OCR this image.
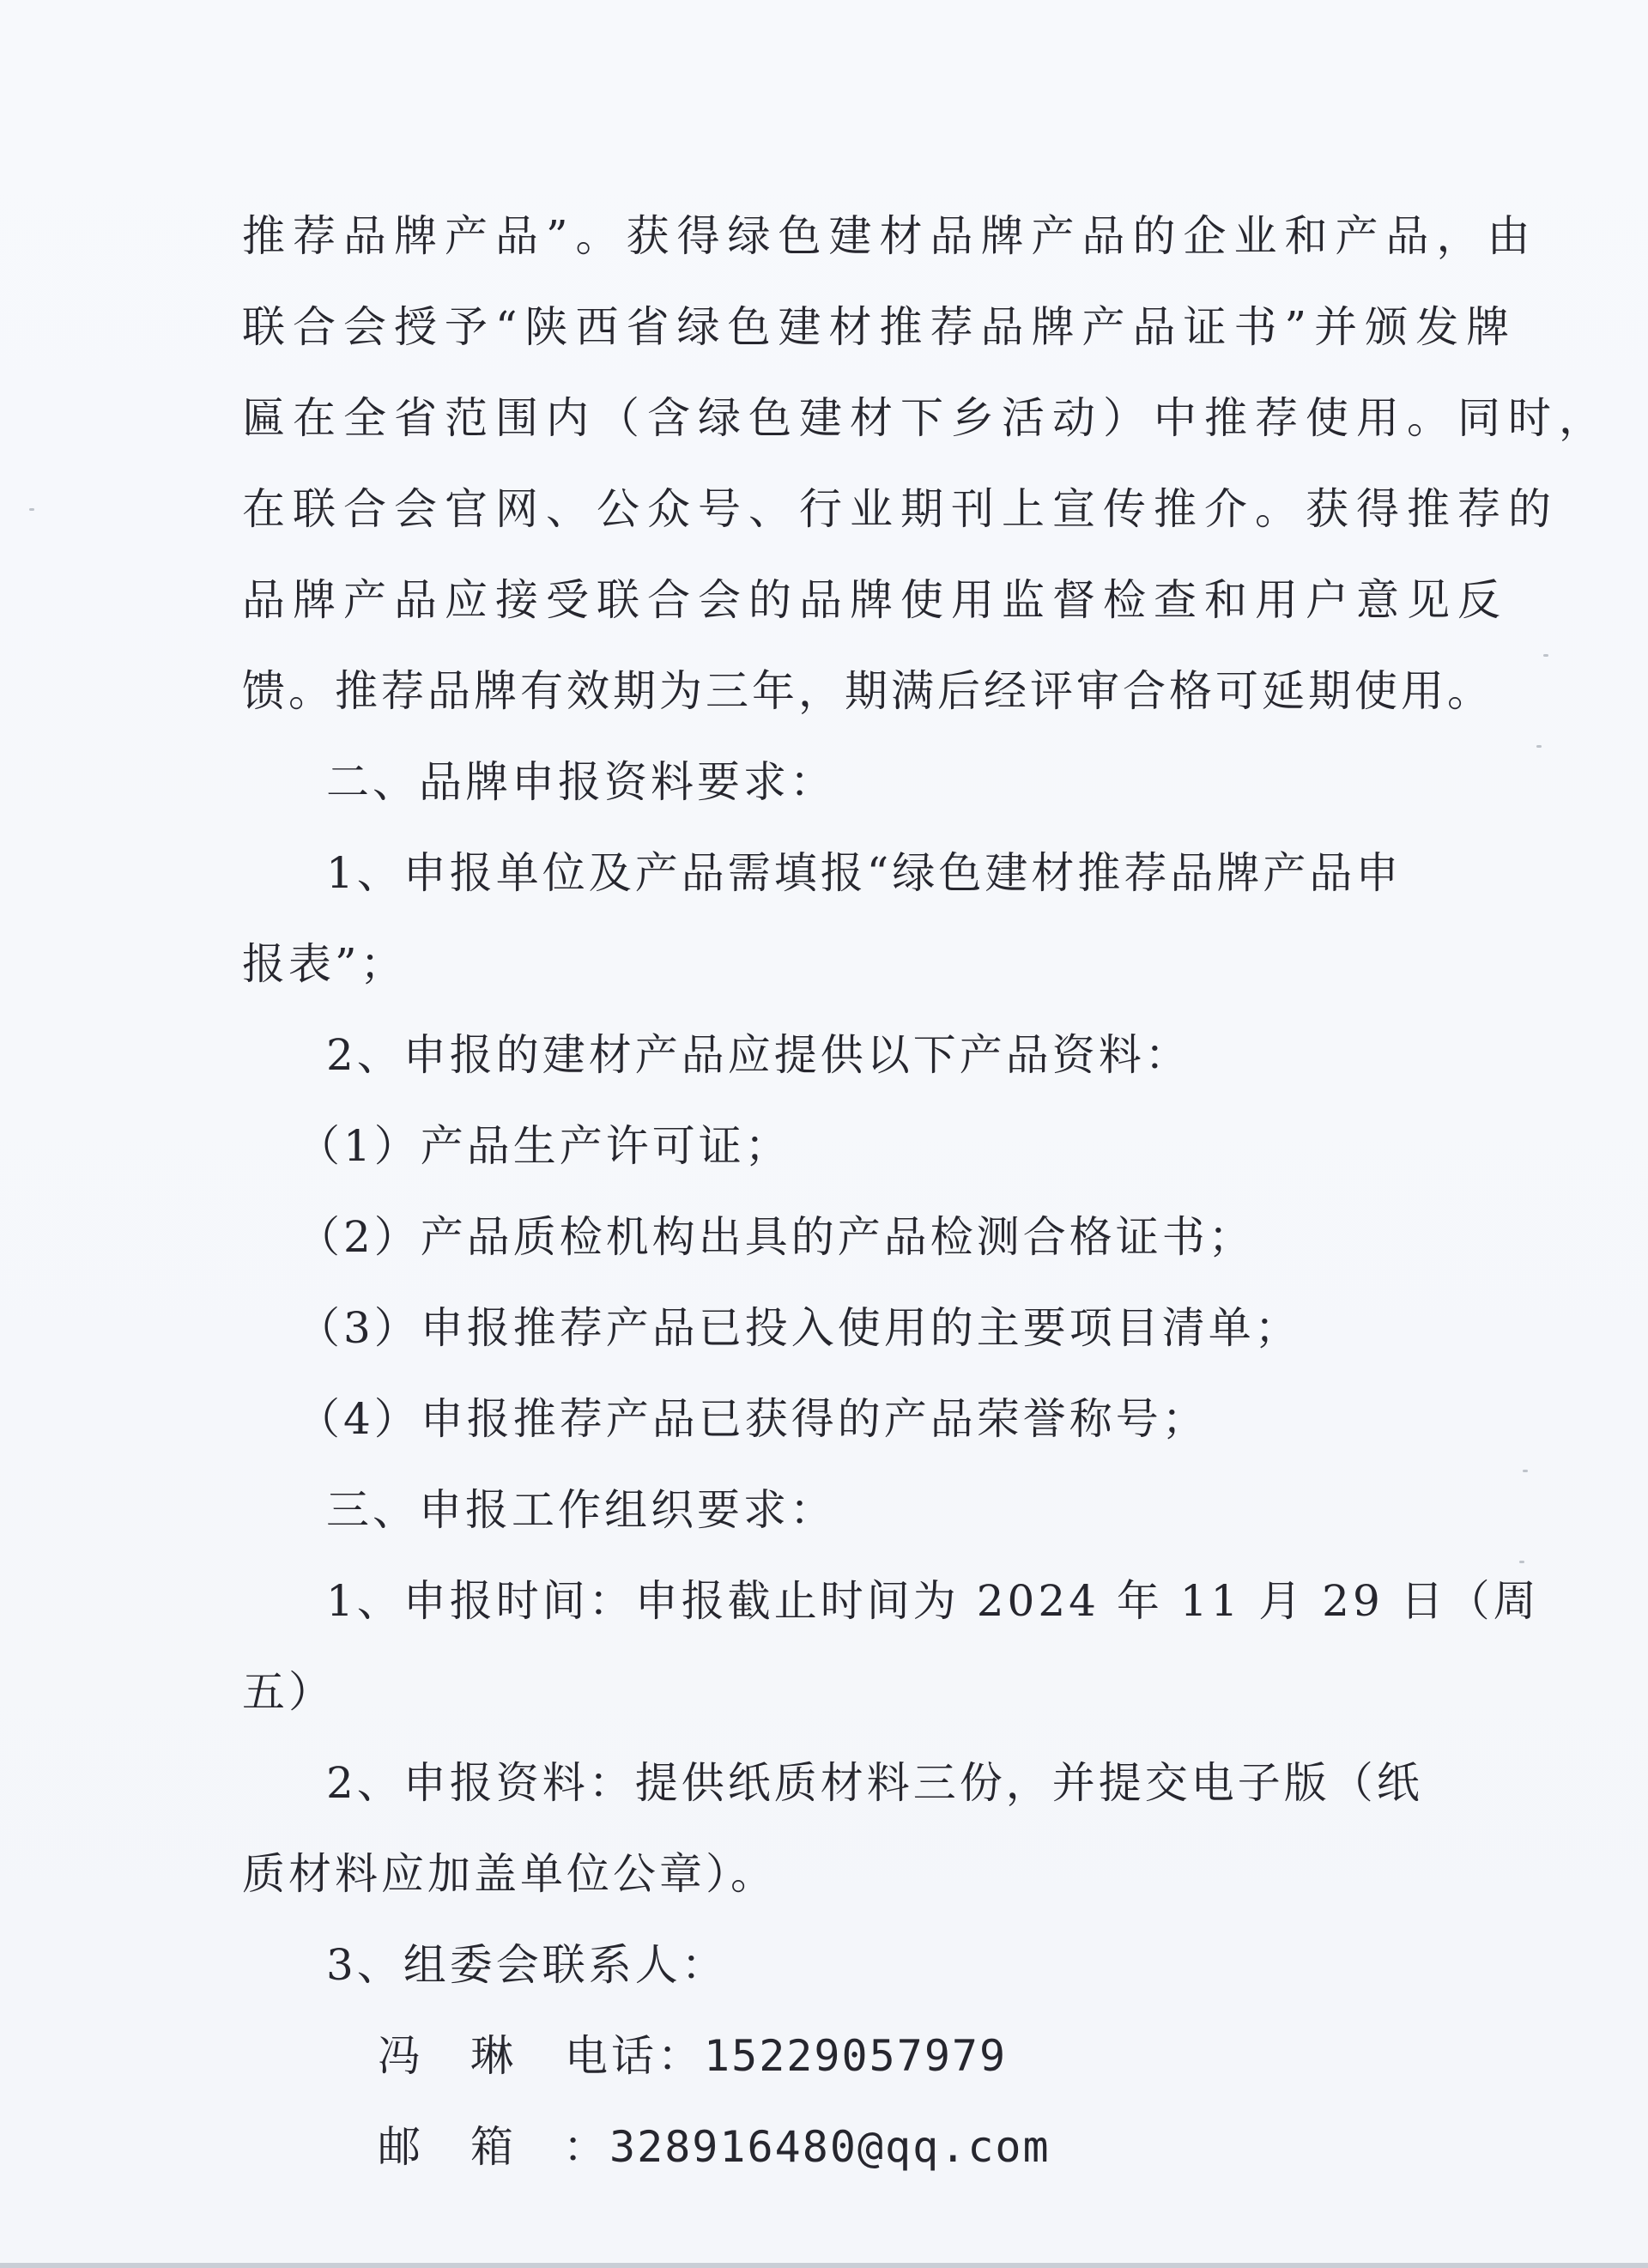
推荐品牌产品”。获得绿色建材品牌产品的企业和产品，由
联合会授予“陕西省绿色建材推荐品牌产品证书”并颁发牌
匾在全省范围内（含绿色建材下乡活动）中推荐使用。同时，
在联合会官网、公众号、行业期刊上宣传推介。获得推荐的
品牌产品应接受联合会的品牌使用监督检查和用户意见反
馈。推荐品牌有效期为三年，期满后经评审合格可延期使用。
二、品牌申报资料要求：
1、申报单位及产品需填报“绿色建材推荐品牌产品申
报表”；
2、申报的建材产品应提供以下产品资料：
（1）产品生产许可证；
（2）产品质检机构出具的产品检测合格证书；
（3）申报推荐产品已投入使用的主要项目清单；
（4）申报推荐产品已获得的产品荣誉称号；
三、申报工作组织要求：
1、申报时间：申报截止时间为 2024 年 11 月 29 日（周
五）
2、申报资料：提供纸质材料三份，并提交电子版（纸
质材料应加盖单位公章）。
3、组委会联系人：
冯　琳 电话：15229057979
邮　箱　：328916480@qq.com
